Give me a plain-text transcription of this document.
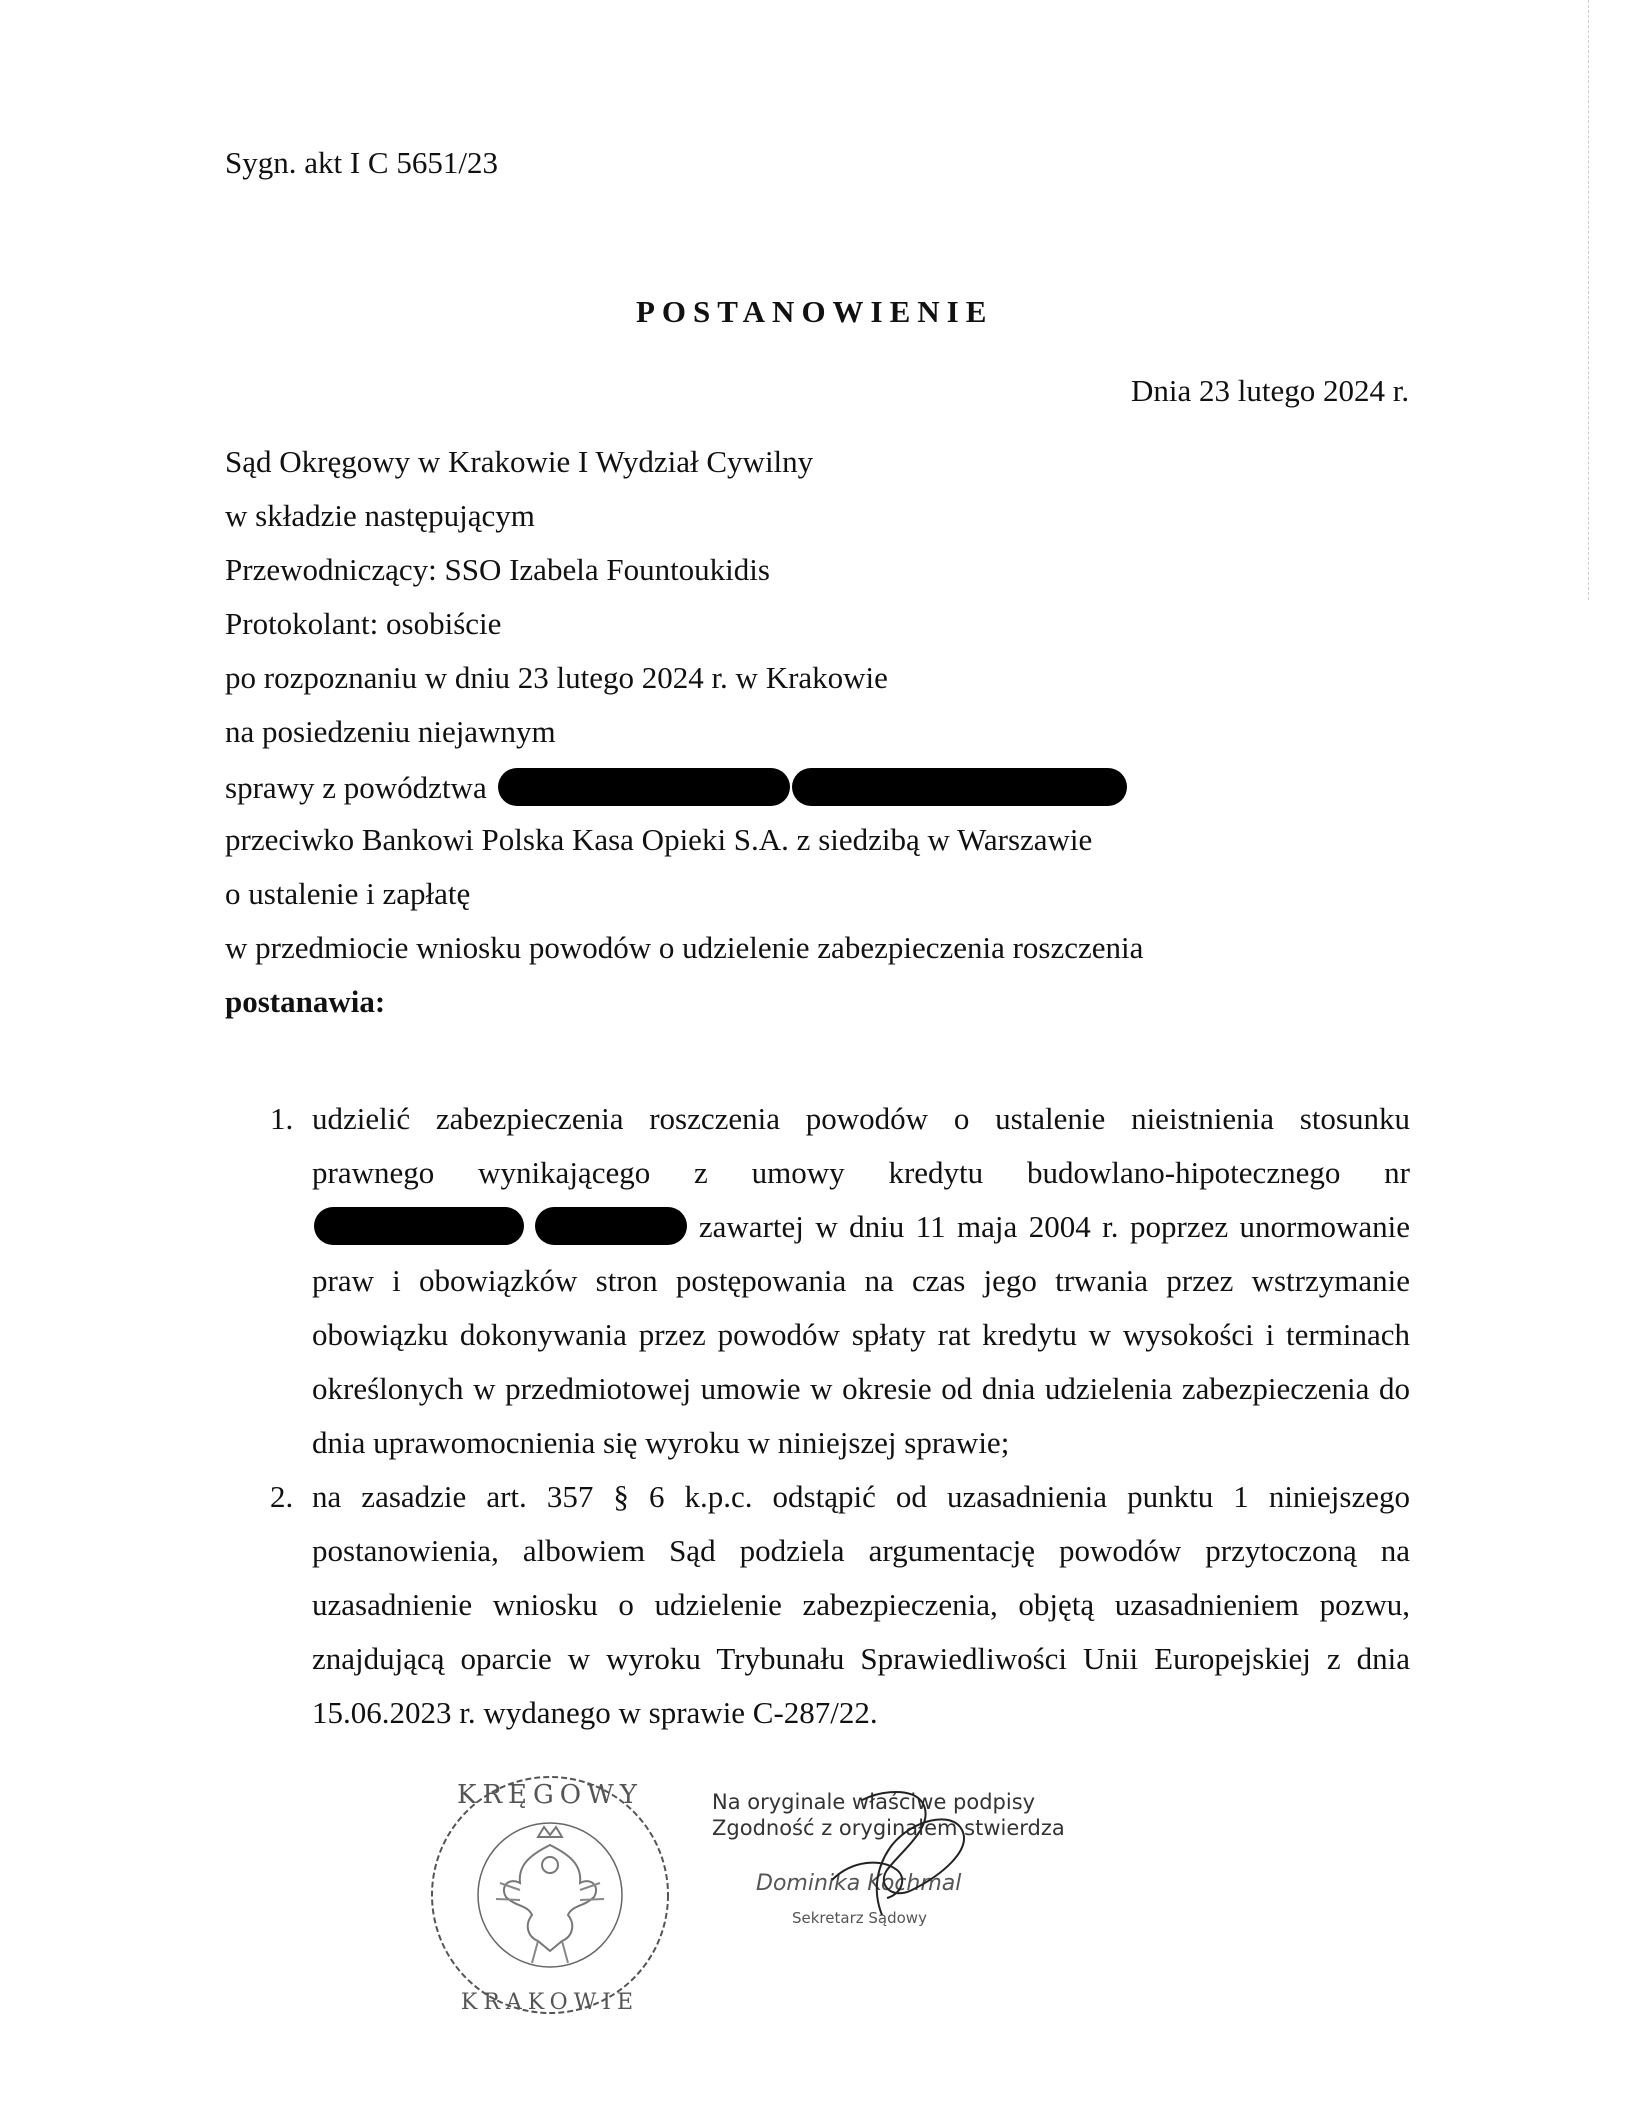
Sygn. akt I C 5651/23
POSTANOWIENIE
Dnia 23 lutego 2024 r.
Sąd Okręgowy w Krakowie I Wydział Cywilny
w składzie następującym
Przewodniczący: SSO Izabela Fountoukidis
Protokolant: osobiście
po rozpoznaniu w dniu 23 lutego 2024 r. w Krakowie
na posiedzeniu niejawnym
sprawy z powództwa
przeciwko Bankowi Polska Kasa Opieki S.A. z siedzibą w Warszawie
o ustalenie i zapłatę
w przedmiocie wniosku powodów o udzielenie zabezpieczenia roszczenia
postanawia:
1. udzielić zabezpieczenia roszczenia powodów o ustalenie nieistnienia stosunku prawnego wynikającego z umowy kredytu budowlano-hipotecznego nr   zawartej w dniu 11 maja 2004 r. poprzez unormowanie praw i obowiązków stron postępowania na czas jego trwania przez wstrzymanie obowiązku dokonywania przez powodów spłaty rat kredytu w wysokości i terminach określonych w przedmiotowej umowie w okresie od dnia udzielenia zabezpieczenia do dnia uprawomocnienia się wyroku w niniejszej sprawie;
2. na zasadzie art. 357 § 6 k.p.c. odstąpić od uzasadnienia punktu 1 niniejszego postanowienia, albowiem Sąd podziela argumentację powodów przytoczoną na uzasadnienie wniosku o udzielenie zabezpieczenia, objętą uzasadnieniem pozwu, znajdującą oparcie w wyroku Trybunału Sprawiedliwości Unii Europejskiej z dnia 15.06.2023 r. wydanego w sprawie C-287/22.
KRĘGOWY
KRAKOWIE
Na oryginale właściwe podpisy
Zgodność z oryginałem stwierdza
Dominika Kochmal
Sekretarz Sądowy
